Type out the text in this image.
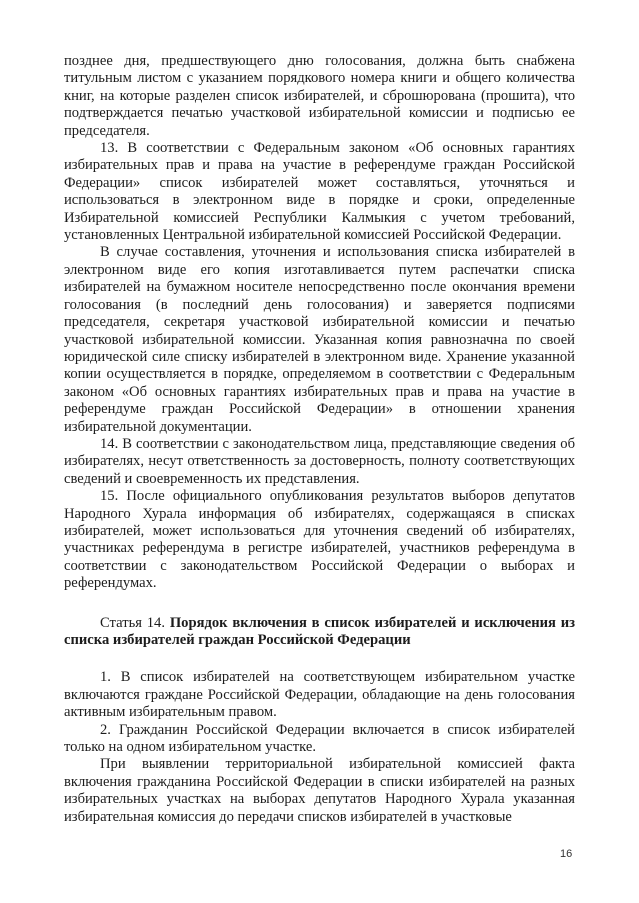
позднее дня, предшествующего дню голосования, должна быть снабжена титульным листом с указанием порядкового номера книги и общего количества книг, на которые разделен список избирателей, и сброшюрована (прошита), что подтверждается печатью участковой избирательной комиссии и подписью ее председателя.

13. В соответствии с Федеральным законом «Об основных гарантиях избирательных прав и права на участие в референдуме граждан Российской Федерации» список избирателей может составляться, уточняться и использоваться в электронном виде в порядке и сроки, определенные Избирательной комиссией Республики Калмыкия с учетом требований, установленных Центральной избирательной комиссией Российской Федерации.

В случае составления, уточнения и использования списка избирателей в электронном виде его копия изготавливается путем распечатки списка избирателей на бумажном носителе непосредственно после окончания времени голосования (в последний день голосования) и заверяется подписями председателя, секретаря участковой избирательной комиссии и печатью участковой избирательной комиссии. Указанная копия равнозначна по своей юридической силе списку избирателей в электронном виде. Хранение указанной копии осуществляется в порядке, определяемом в соответствии с Федеральным законом «Об основных гарантиях избирательных прав и права на участие в референдуме граждан Российской Федерации» в отношении хранения избирательной документации.

14. В соответствии с законодательством лица, представляющие сведения об избирателях, несут ответственность за достоверность, полноту соответствующих сведений и своевременность их представления.

15. После официального опубликования результатов выборов депутатов Народного Хурала информация об избирателях, содержащаяся в списках избирателей, может использоваться для уточнения сведений об избирателях, участниках референдума в регистре избирателей, участников референдума в соответствии с законодательством Российской Федерации о выборах и референдумах.

Статья 14. Порядок включения в список избирателей и исключения из списка избирателей граждан Российской Федерации

1. В список избирателей на соответствующем избирательном участке включаются граждане Российской Федерации, обладающие на день голосования активным избирательным правом.

2. Гражданин Российской Федерации включается в список избирателей только на одном избирательном участке.

При выявлении территориальной избирательной комиссией факта включения гражданина Российской Федерации в списки избирателей на разных избирательных участках на выборах депутатов Народного Хурала указанная избирательная комиссия до передачи списков избирателей в участковые

16
